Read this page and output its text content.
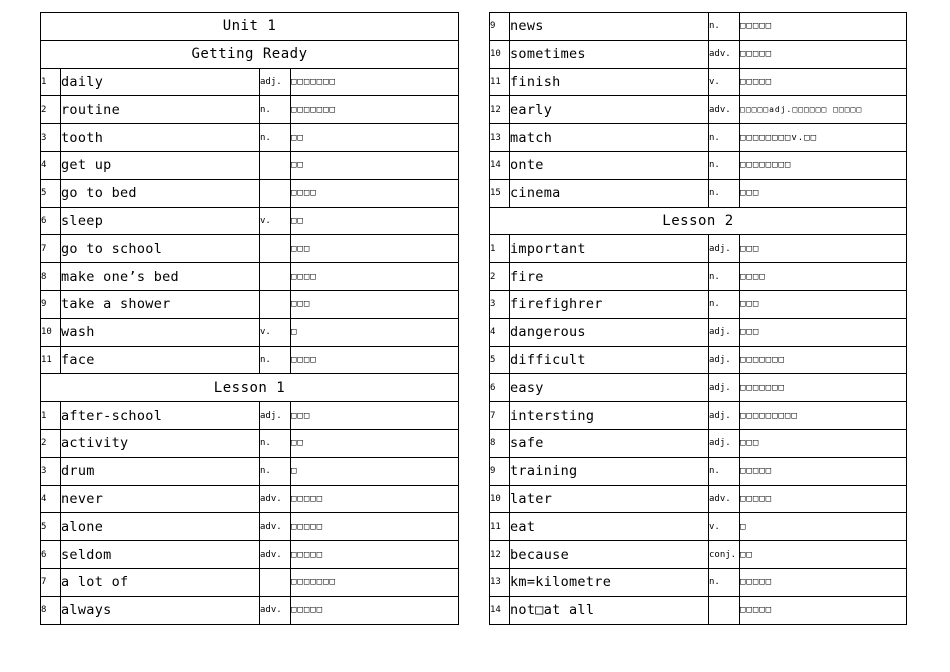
Unit 1			
Getting Ready			
1	daily	adj.	□□□□□□□
2	routine	n.	□□□□□□□
3	tooth	n.	□□
4	get up		□□
5	go to bed		□□□□
6	sleep	v.	□□
7	go to school		□□□
8	make one’s bed		□□□□
9	take a shower		□□□
10	wash	v.	□
11	face	n.	□□□□
Lesson 1			
1	after-school	adj.	□□□
2	activity	n.	□□
3	drum	n.	□
4	never	adv.	□□□□□
5	alone	adv.	□□□□□
6	seldom	adv.	□□□□□
7	a lot of		□□□□□□□
8	always	adv.	□□□□□
9	news	n.	□□□□□
10	sometimes	adv.	□□□□□
11	finish	v.	□□□□□
12	early	adv.	□□□□□adj.□□□□□□ □□□□□
13	match	n.	□□□□□□□□v.□□
14	onte	n.	□□□□□□□□
15	cinema	n.	□□□
Lesson 2			
1	important	adj.	□□□
2	fire	n.	□□□□
3	firefighrer	n.	□□□
4	dangerous	adj.	□□□
5	difficult	adj.	□□□□□□□
6	easy	adj.	□□□□□□□
7	intersting	adj.	□□□□□□□□□
8	safe	adj.	□□□
9	training	n.	□□□□□
10	later	adv.	□□□□□
11	eat	v.	□
12	because	conj.	□□
13	km=kilometre	n.	□□□□□
14	not□at all		□□□□□
